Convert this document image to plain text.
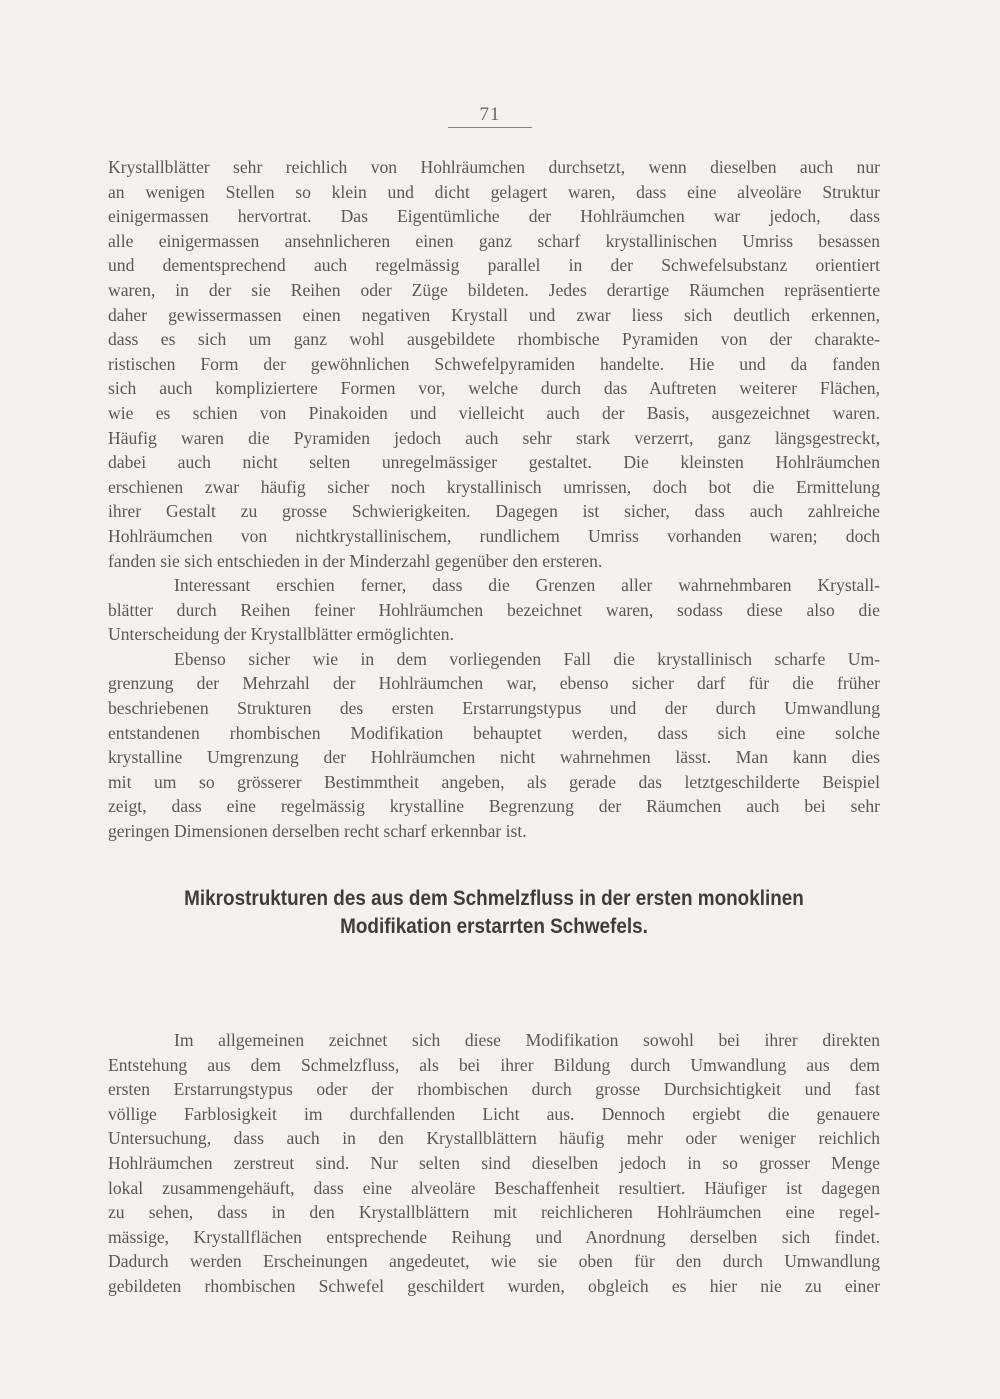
71
Krystallblätter sehr reichlich von Hohlräumchen durchsetzt, wenn dieselben auch nur
an wenigen Stellen so klein und dicht gelagert waren, dass eine alveoläre Struktur
einigermassen hervortrat. Das Eigentümliche der Hohlräumchen war jedoch, dass
alle einigermassen ansehnlicheren einen ganz scharf krystallinischen Umriss besassen
und dementsprechend auch regelmässig parallel in der Schwefelsubstanz orientiert
waren, in der sie Reihen oder Züge bildeten. Jedes derartige Räumchen repräsentierte
daher gewissermassen einen negativen Krystall und zwar liess sich deutlich erkennen,
dass es sich um ganz wohl ausgebildete rhombische Pyramiden von der charakte-
ristischen Form der gewöhnlichen Schwefelpyramiden handelte. Hie und da fanden
sich auch kompliziertere Formen vor, welche durch das Auftreten weiterer Flächen,
wie es schien von Pinakoiden und vielleicht auch der Basis, ausgezeichnet waren.
Häufig waren die Pyramiden jedoch auch sehr stark verzerrt, ganz längsgestreckt,
dabei auch nicht selten unregelmässiger gestaltet. Die kleinsten Hohlräumchen
erschienen zwar häufig sicher noch krystallinisch umrissen, doch bot die Ermittelung
ihrer Gestalt zu grosse Schwierigkeiten. Dagegen ist sicher, dass auch zahlreiche
Hohlräumchen von nichtkrystallinischem, rundlichem Umriss vorhanden waren; doch
fanden sie sich entschieden in der Minderzahl gegenüber den ersteren.
Interessant erschien ferner, dass die Grenzen aller wahrnehmbaren Krystall-
blätter durch Reihen feiner Hohlräumchen bezeichnet waren, sodass diese also die
Unterscheidung der Krystallblätter ermöglichten.
Ebenso sicher wie in dem vorliegenden Fall die krystallinisch scharfe Um-
grenzung der Mehrzahl der Hohlräumchen war, ebenso sicher darf für die früher
beschriebenen Strukturen des ersten Erstarrungstypus und der durch Umwandlung
entstandenen rhombischen Modifikation behauptet werden, dass sich eine solche
krystalline Umgrenzung der Hohlräumchen nicht wahrnehmen lässt. Man kann dies
mit um so grösserer Bestimmtheit angeben, als gerade das letztgeschilderte Beispiel
zeigt, dass eine regelmässig krystalline Begrenzung der Räumchen auch bei sehr
geringen Dimensionen derselben recht scharf erkennbar ist.
Mikrostrukturen des aus dem Schmelzfluss in der ersten monoklinen
Modifikation erstarrten Schwefels.
Im allgemeinen zeichnet sich diese Modifikation sowohl bei ihrer direkten
Entstehung aus dem Schmelzfluss, als bei ihrer Bildung durch Umwandlung aus dem
ersten Erstarrungstypus oder der rhombischen durch grosse Durchsichtigkeit und fast
völlige Farblosigkeit im durchfallenden Licht aus. Dennoch ergiebt die genauere
Untersuchung, dass auch in den Krystallblättern häufig mehr oder weniger reichlich
Hohlräumchen zerstreut sind. Nur selten sind dieselben jedoch in so grosser Menge
lokal zusammengehäuft, dass eine alveoläre Beschaffenheit resultiert. Häufiger ist dagegen
zu sehen, dass in den Krystallblättern mit reichlicheren Hohlräumchen eine regel-
mässige, Krystallflächen entsprechende Reihung und Anordnung derselben sich findet.
Dadurch werden Erscheinungen angedeutet, wie sie oben für den durch Umwandlung
gebildeten rhombischen Schwefel geschildert wurden, obgleich es hier nie zu einer
